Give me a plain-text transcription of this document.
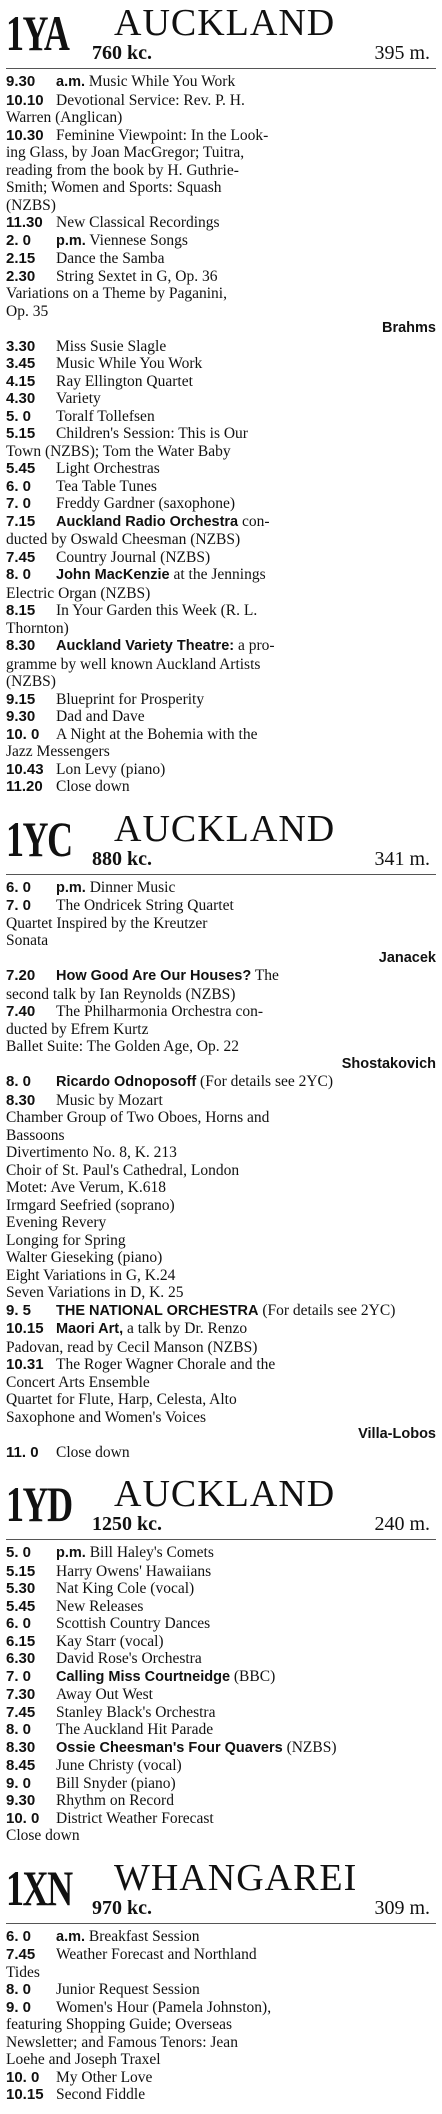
1YA AUCKLAND
760 kc.	395 m.
9.30 a.m. Music While You Work
10.10 Devotional Service: Rev. P. H.
Warren (Anglican)
10.30 Feminine Viewpoint: In the Look-
ing Glass, by Joan MacGregor; Tuitra,
reading from the book by H. Guthrie-
Smith; Women and Sports: Squash
(NZBS)
11.30 New Classical Recordings
2. 0 p.m. Viennese Songs
2.15 Dance the Samba
2.30 String Sextet in G, Op. 36
Variations on a Theme by Paganini,
Op. 35
Brahms
3.30 Miss Susie Slagle
3.45 Music While You Work
4.15 Ray Ellington Quartet
4.30 Variety
5. 0 Toralf Tollefsen
5.15 Children's Session: This is Our
Town (NZBS); Tom the Water Baby
5.45 Light Orchestras
6. 0 Tea Table Tunes
7. 0 Freddy Gardner (saxophone)
7.15 Auckland Radio Orchestra con-
ducted by Oswald Cheesman (NZBS)
7.45 Country Journal (NZBS)
8. 0 John MacKenzie at the Jennings
Electric Organ (NZBS)
8.15 In Your Garden this Week (R. L.
Thornton)
8.30 Auckland Variety Theatre: a pro-
gramme by well known Auckland Artists
(NZBS)
9.15 Blueprint for Prosperity
9.30 Dad and Dave
10. 0 A Night at the Bohemia with the
Jazz Messengers
10.43 Lon Levy (piano)
11.20 Close down
1YC AUCKLAND
880 kc.	341 m.
6. 0 p.m. Dinner Music
7. 0 The Ondricek String Quartet
Quartet Inspired by the Kreutzer
Sonata
Janacek
7.20 How Good Are Our Houses? The
second talk by Ian Reynolds (NZBS)
7.40 The Philharmonia Orchestra con-
ducted by Efrem Kurtz
Ballet Suite: The Golden Age, Op. 22
Shostakovich
8. 0 Ricardo Odnoposoff (For details see 2YC)
8.30 Music by Mozart
Chamber Group of Two Oboes, Horns and
Bassoons
Divertimento No. 8, K. 213
Choir of St. Paul's Cathedral, London
Motet: Ave Verum, K.618
Irmgard Seefried (soprano)
Evening Revery
Longing for Spring
Walter Gieseking (piano)
Eight Variations in G, K.24
Seven Variations in D, K. 25
9. 5 THE NATIONAL ORCHESTRA (For details see 2YC)
10.15 Maori Art, a talk by Dr. Renzo
Padovan, read by Cecil Manson (NZBS)
10.31 The Roger Wagner Chorale and the
Concert Arts Ensemble
Quartet for Flute, Harp, Celesta, Alto
Saxophone and Women's Voices
Villa-Lobos
11. 0 Close down
1YD AUCKLAND
1250 kc.	240 m.
5. 0 p.m. Bill Haley's Comets
5.15 Harry Owens' Hawaiians
5.30 Nat King Cole (vocal)
5.45 New Releases
6. 0 Scottish Country Dances
6.15 Kay Starr (vocal)
6.30 David Rose's Orchestra
7. 0 Calling Miss Courtneidge (BBC)
7.30 Away Out West
7.45 Stanley Black's Orchestra
8. 0 The Auckland Hit Parade
8.30 Ossie Cheesman's Four Quavers (NZBS)
8.45 June Christy (vocal)
9. 0 Bill Snyder (piano)
9.30 Rhythm on Record
10. 0 District Weather Forecast
Close down
1XN WHANGAREI
970 kc.	309 m.
6. 0 a.m. Breakfast Session
7.45 Weather Forecast and Northland
Tides
8. 0 Junior Request Session
9. 0 Women's Hour (Pamela Johnston),
featuring Shopping Guide; Overseas
Newsletter; and Famous Tenors: Jean
Loehe and Joseph Traxel
10. 0 My Other Love
10.15 Second Fiddle
